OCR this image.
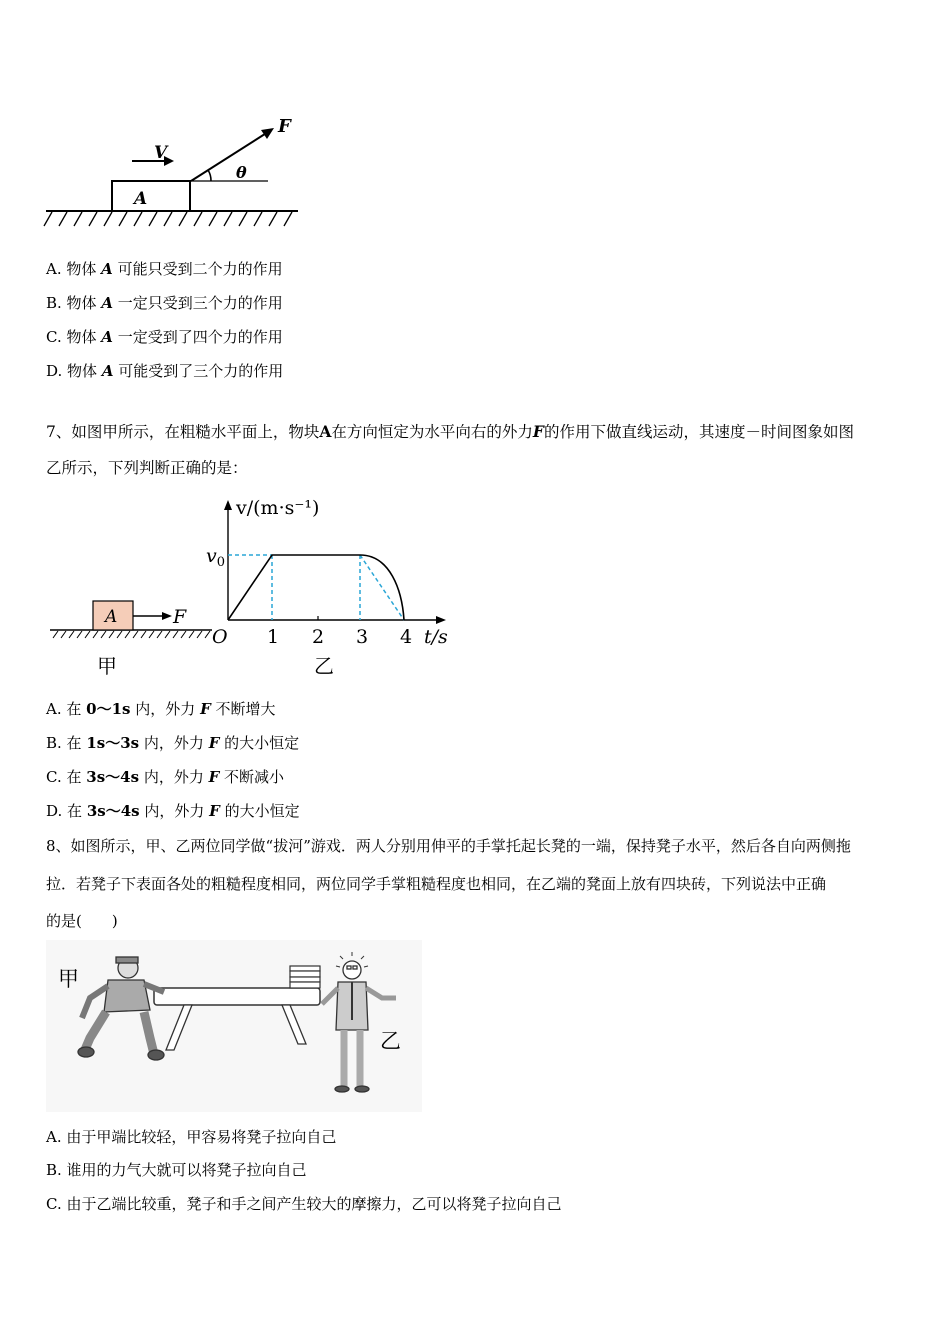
A
V
F
θ
A. 物体 A 可能只受到二个力的作用
B. 物体 A 一定只受到三个力的作用
C. 物体 A 一定受到了四个力的作用
D. 物体 A 可能受到了三个力的作用
7、如图甲所示，在粗糙水平面上，物块A在方向恒定为水平向右的外力F的作用下做直线运动，其速度－时间图象如图
乙所示，下列判断正确的是：
A	F
甲
v/(m·s⁻¹)
$v_0$
O 1 2 3 4 t/s
乙
A. 在 0～1s 内，外力 F 不断增大
B. 在 1s～3s 内，外力 F 的大小恒定
C. 在 3s～4s 内，外力 F 不断减小
D. 在 3s～4s 内，外力 F 的大小恒定
8、如图所示，甲、乙两位同学做“拔河”游戏．两人分别用伸平的手掌托起长凳的一端，保持凳子水平，然后各自向两侧拖
拉．若凳子下表面各处的粗糙程度相同，两位同学手掌粗糙程度也相同，在乙端的凳面上放有四块砖，下列说法中正确
的是(　　)
甲
乙
A. 由于甲端比较轻，甲容易将凳子拉向自己
B. 谁用的力气大就可以将凳子拉向自己
C. 由于乙端比较重，凳子和手之间产生较大的摩擦力，乙可以将凳子拉向自己
